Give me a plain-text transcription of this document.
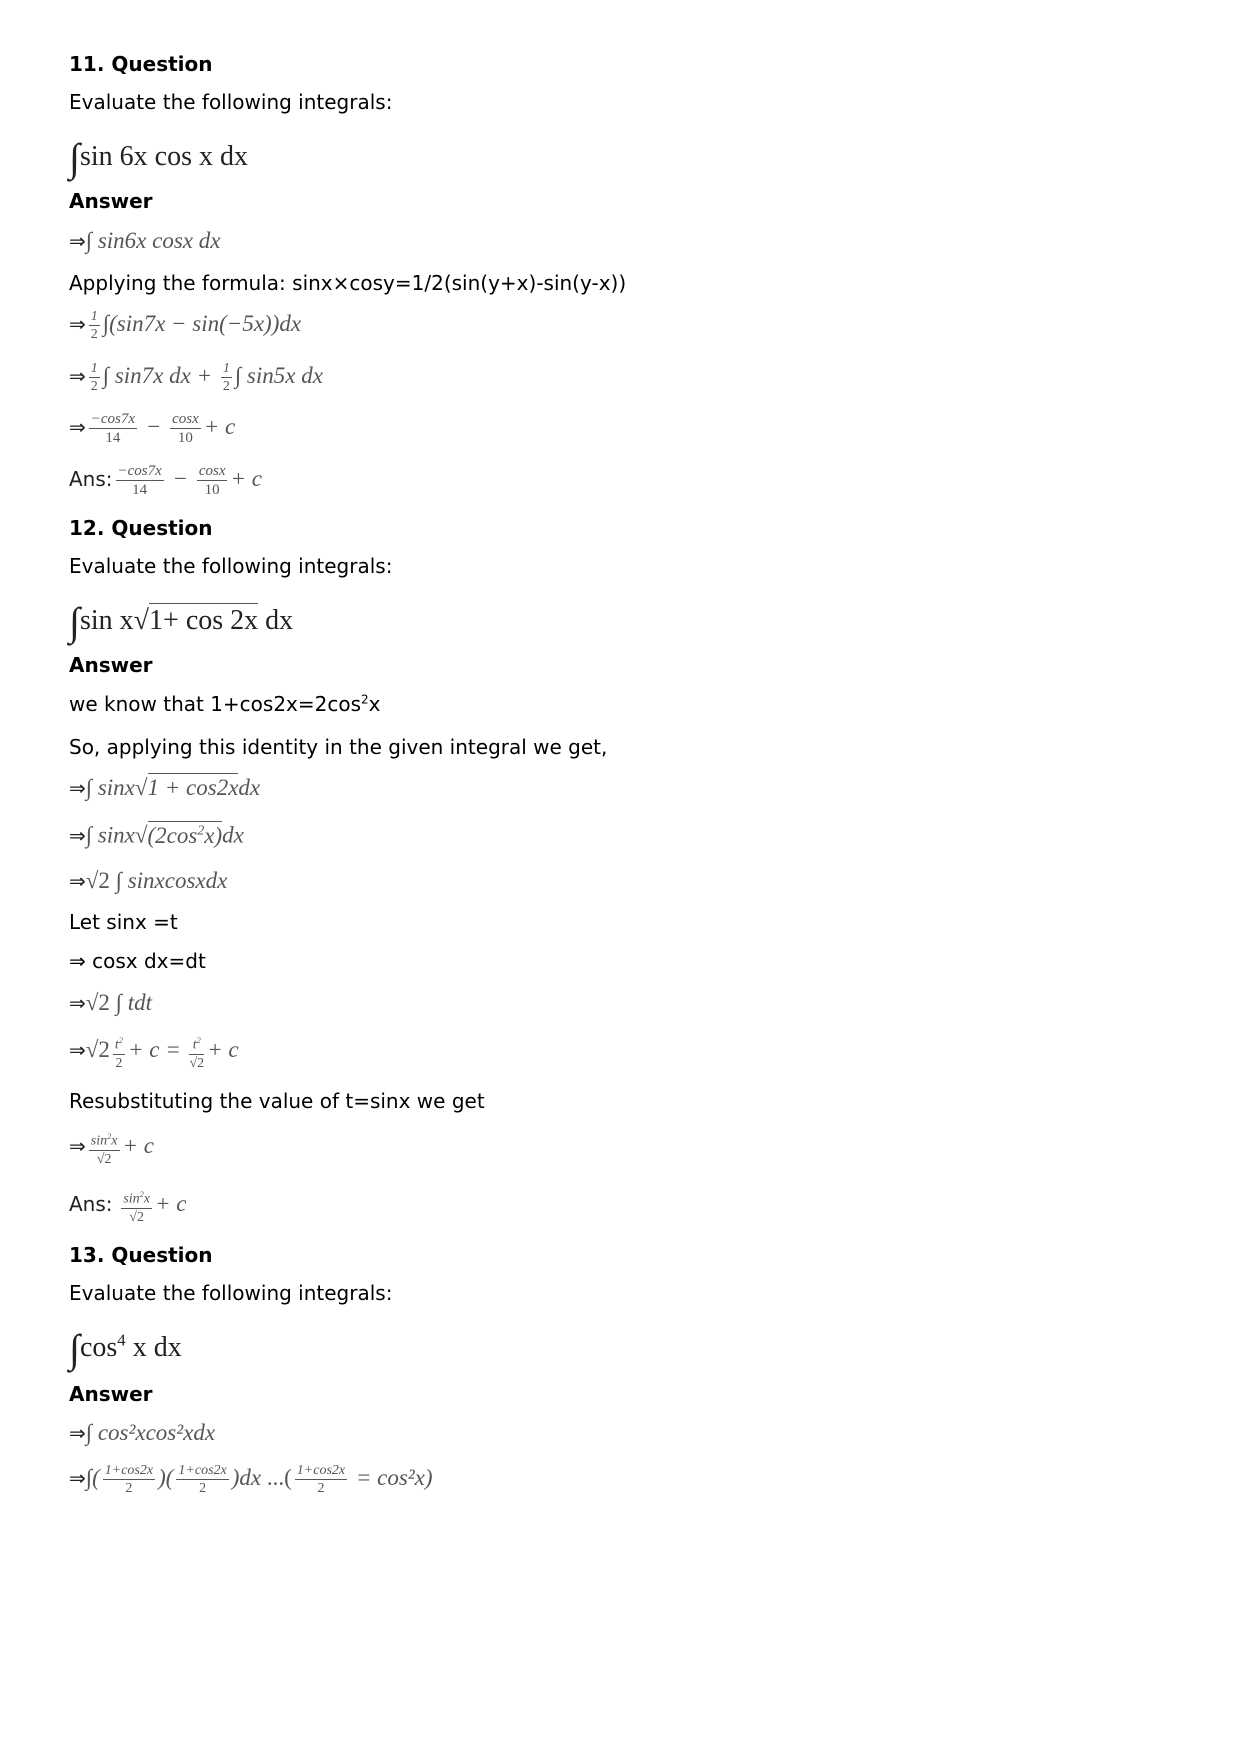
11. Question
Evaluate the following integrals:
∫sin 6x cos x dx
Answer
⇒∫ sin6x cosx dx
Applying the formula: sinx×cosy=1/2(sin(y+x)-sin(y-x))
⇒ $\frac{1}{2} \int(\sin 7x - \sin(-5x))dx$
⇒ $\frac{1}{2}$ ∫ sin7x dx + $\frac{1}{2}$ ∫ sin5x dx
⇒ $\frac{-\cos 7x}{14} - \frac{\cos x}{10} + c$
Ans: $\frac{-\cos 7x}{14} - \frac{\cos x}{10} + c$
12. Question
Evaluate the following integrals:
∫sin x√1+ cos 2x dx
Answer
we know that $1+\cos 2x=2\cos^2x$
So, applying this identity in the given integral we get,
⇒∫ sinx√1 + cos2xdx
⇒∫ $\sin x√(2\cos^2x)dx$
⇒√2 ∫ sinxcosxdx
Let sinx =t
⇒ cosx dx=dt
⇒√2 ∫ tdt
⇒√2 $\frac{t^2}{2} + c = \frac{t^2}{√2} + c$
Resubstituting the value of t=sinx we get
⇒ $\frac{\sin^2x}{√2} + c$
Ans: $\frac{\sin^2x}{√2} + c$
13. Question
Evaluate the following integrals:
$\int\cos^4$ x dx
Answer
⇒∫ cos²xcos²xdx
⇒∫( $\frac{1+\cos 2x}{2}$ )( $\frac{1+\cos 2x}{2} )dx$ ...( $\frac{1+\cos 2x}{2} = \cos^2x$)
